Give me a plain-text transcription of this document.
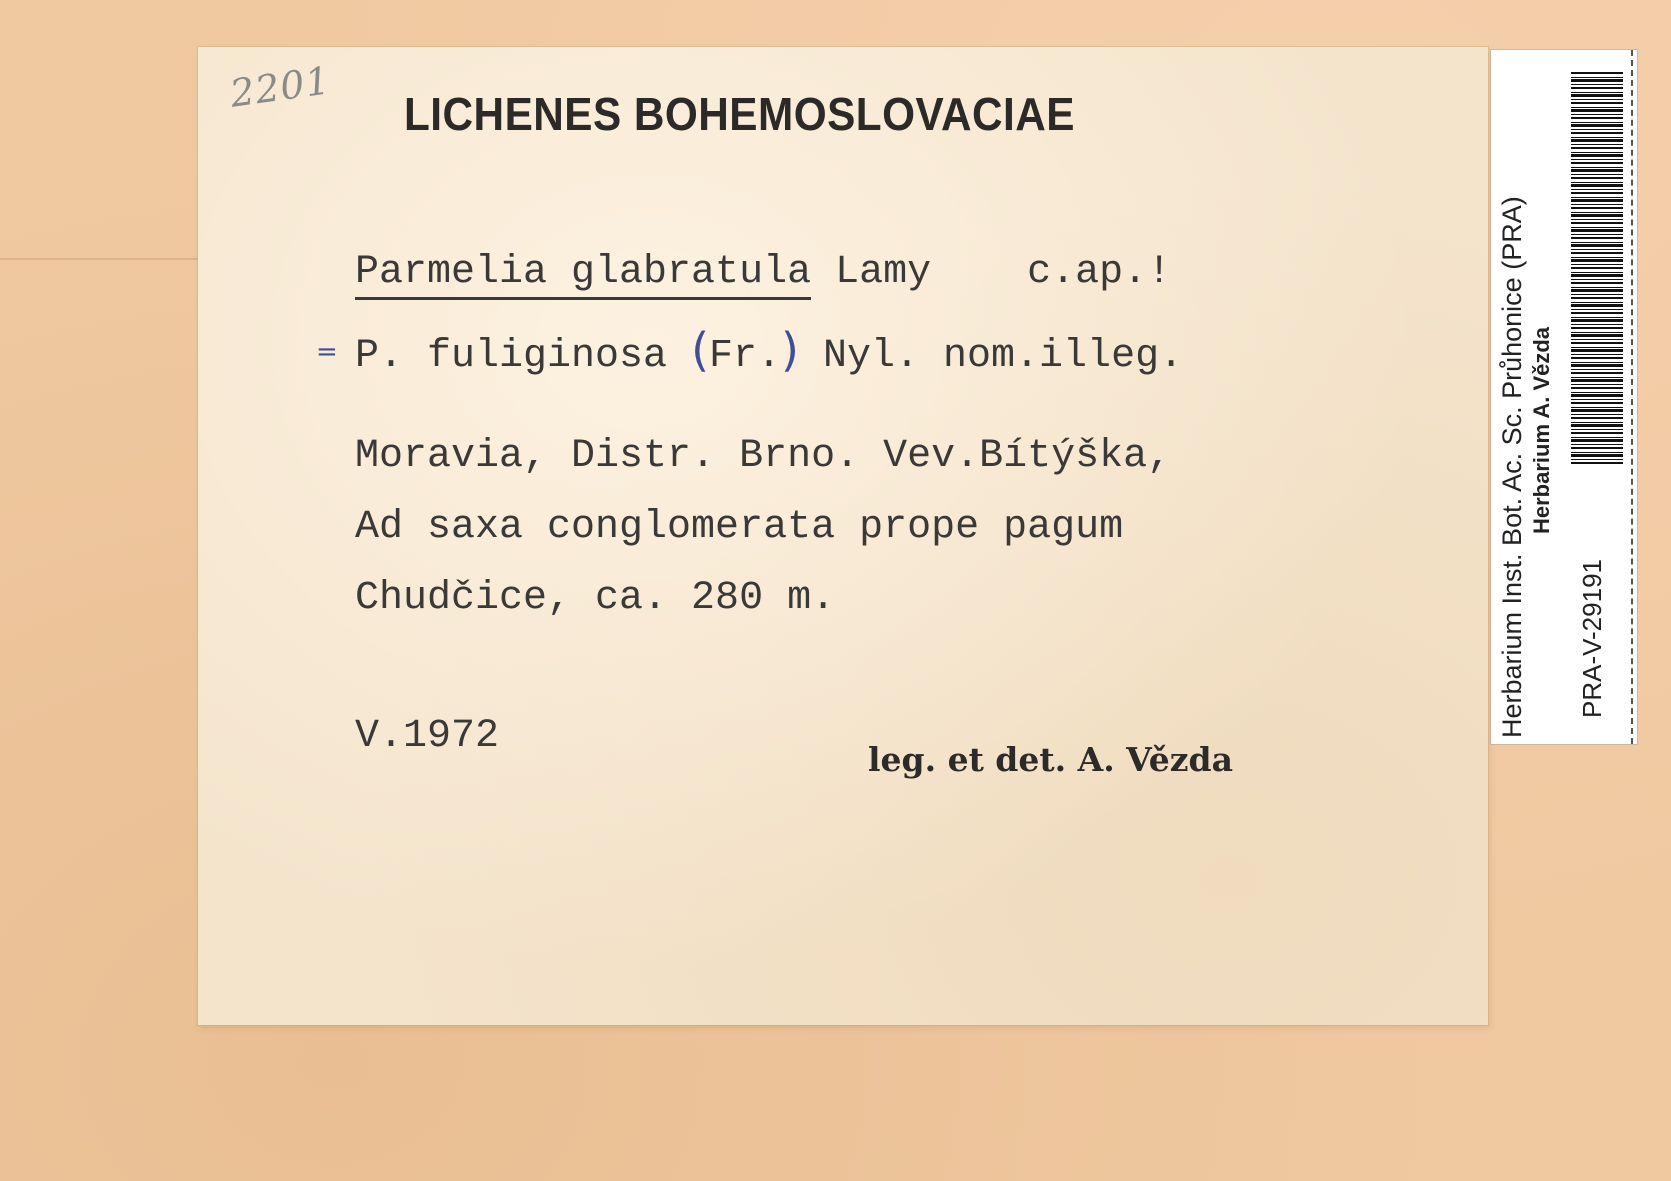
2201 LICHENES BOHEMOSLOVACIAE
Parmelia glabratula Lamy c.ap.!
= P. fuliginosa (Fr.) Nyl. nom.illeg.
Moravia, Distr. Brno. Vev.Bítýška,
Ad saxa conglomerata prope pagum
Chudčice, ca. 280 m.
V.1972
leg. et det. A. Vězda
Herbarium Inst. Bot. Ac. Sc. Průhonice (PRA) Herbarium A. Vězda
PRA-V-29191
